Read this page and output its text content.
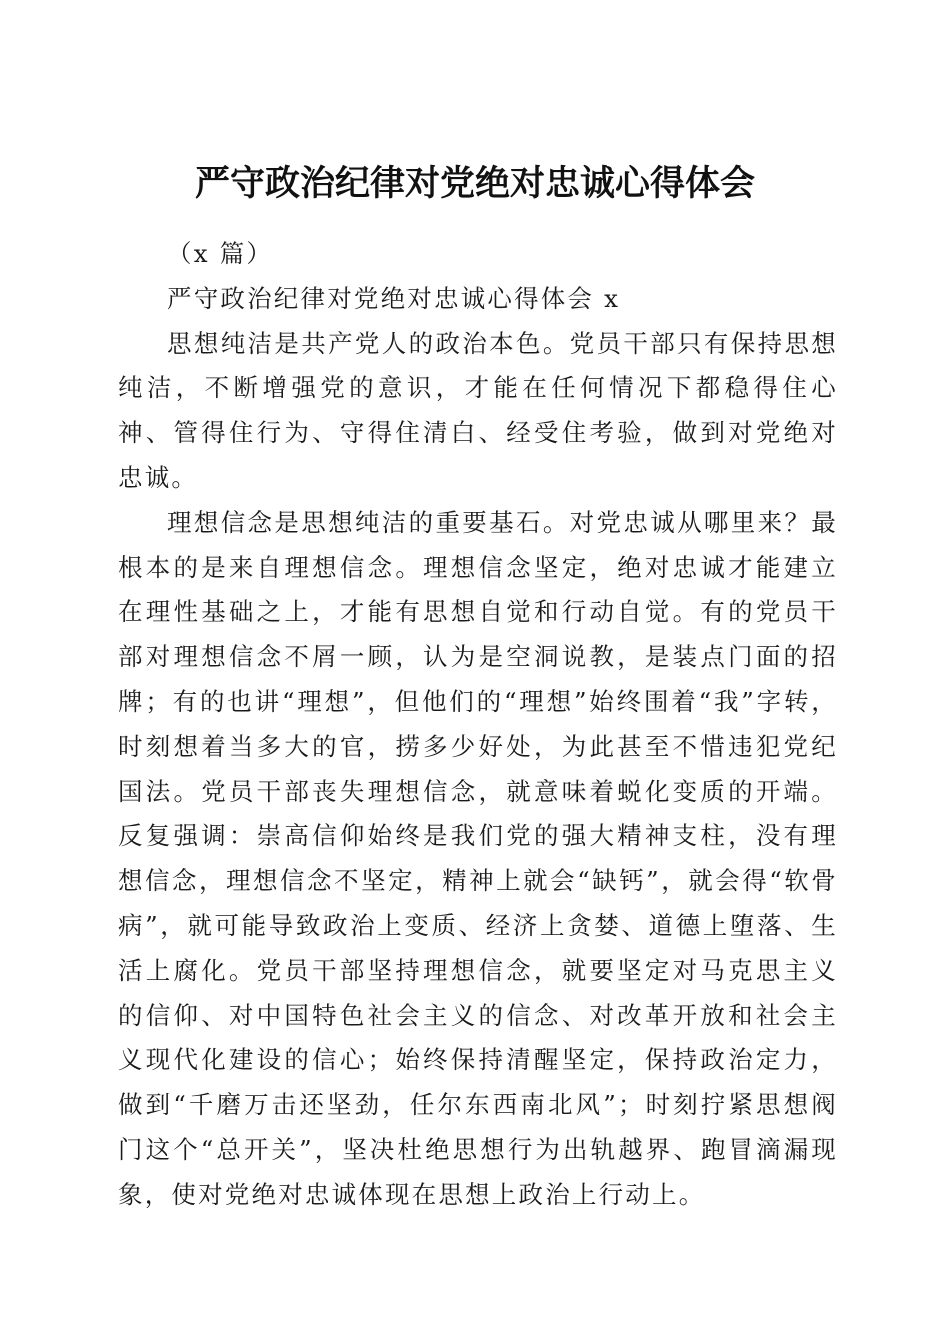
严守政治纪律对党绝对忠诚心得体会

（x 篇）

严守政治纪律对党绝对忠诚心得体会 x

思想纯洁是共产党人的政治本色。党员干部只有保持思想纯洁，不断增强党的意识，才能在任何情况下都稳得住心神、管得住行为、守得住清白、经受住考验，做到对党绝对忠诚。

理想信念是思想纯洁的重要基石。对党忠诚从哪里来？最根本的是来自理想信念。理想信念坚定，绝对忠诚才能建立在理性基础之上，才能有思想自觉和行动自觉。有的党员干部对理想信念不屑一顾，认为是空洞说教，是装点门面的招牌；有的也讲“理想”，但他们的“理想”始终围着“我”字转，时刻想着当多大的官，捞多少好处，为此甚至不惜违犯党纪国法。党员干部丧失理想信念，就意味着蜕化变质的开端。反复强调：崇高信仰始终是我们党的强大精神支柱，没有理想信念，理想信念不坚定，精神上就会“缺钙”，就会得“软骨病”，就可能导致政治上变质、经济上贪婪、道德上堕落、生活上腐化。党员干部坚持理想信念，就要坚定对马克思主义的信仰、对中国特色社会主义的信念、对改革开放和社会主义现代化建设的信心；始终保持清醒坚定，保持政治定力，做到“千磨万击还坚劲，任尔东西南北风”；时刻拧紧思想阀门这个“总开关”，坚决杜绝思想行为出轨越界、跑冒滴漏现象，使对党绝对忠诚体现在思想上政治上行动上。
